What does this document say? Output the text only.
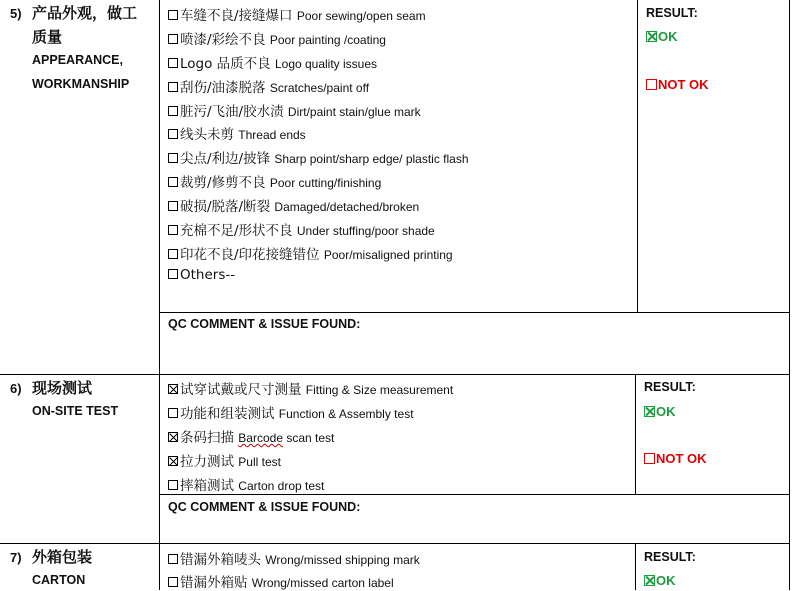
5) 产品外观，做工
质量
APPEARANCE,
WORKMANSHIP
车缝不良/接缝爆口 Poor sewing/open seam
喷漆/彩绘不良 Poor painting /coating
Logo 品质不良 Logo quality issues
刮伤/油漆脱落 Scratches/paint off
脏污/飞油/胶水渍 Dirt/paint stain/glue mark
线头未剪 Thread ends
尖点/利边/披锋 Sharp point/sharp edge/ plastic flash
裁剪/修剪不良 Poor cutting/finishing
破损/脱落/断裂 Damaged/detached/broken
充棉不足/形状不良 Under stuffing/poor shade
印花不良/印花接缝错位 Poor/misaligned printing
Others--
RESULT:
OK
NOT OK
QC COMMENT & ISSUE FOUND:
6) 现场测试
ON-SITE TEST
试穿试戴或尺寸测量 Fitting & Size measurement
功能和组装测试 Function & Assembly test
条码扫描 Barcode scan test
拉力测试 Pull test
摔箱测试 Carton drop test
RESULT:
OK
NOT OK
QC COMMENT & ISSUE FOUND:
7) 外箱包装
CARTON
错漏外箱唛头 Wrong/missed shipping mark
错漏外箱贴 Wrong/missed carton label
RESULT:
OK
